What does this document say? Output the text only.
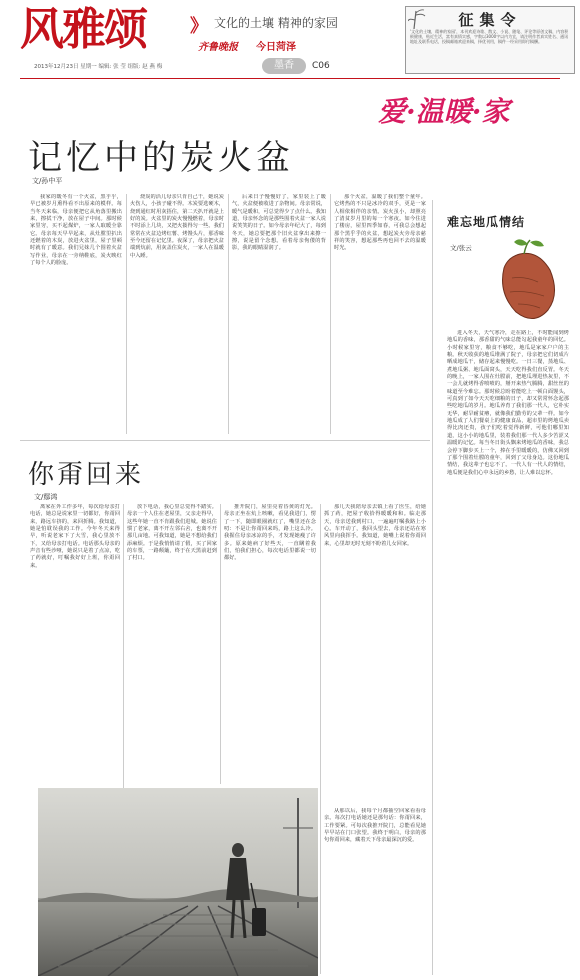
风雅颂 》 文化的土壤 精神的家园
齐鲁晚报 今日菏泽
2013年12月23日 星期一 编辑: 张 莹 组版: 赵 燕 梅	墨香	C06
征集令
'文化的土壤，精神的家园'，本刊欢迎诗歌、散文、小说、随笔、评论等原创文稿，内容积极健康，贴近生活，富有真情实感，字数以3000字以内为宜，请注明作者真实姓名、通讯地址及联系电话，投稿邮箱欢迎来稿，择优刊用，稿件一经采用即付稿酬。
爱·温暖·家
记忆中的炭火盆
文/孙中平
我家的暖冬有一个火盆，黑乎乎，早已被岁月熏得看不出原来的模样。每当冬天来临，母亲便把它从角落里搬出来，擦拭干净，放在屋子中间。那时候家里穷，买不起煤炉，一家人取暖全靠它。母亲每天早早起来，从灶膛里扒出还燃着的木炭，放进火盆里，屋子里顿时就有了暖意。我们兄妹几个围着火盆写作业，母亲在一旁纳鞋底，炭火映红了每个人的脸庞。
烧炭的活儿母亲只肯自己干，她说炭火伤人，小孩子碰不得。木炭要选硬木，烧到通红时用灰捂住，第二天扒开就是上好的炭。火盆里的炭火慢慢燃着，母亲时不时添上几块，又把火拨得匀一些。我们常常在火盆边烤红薯、烤馒头片，那香味至今还留在记忆里。夜深了，母亲把火盆端到炕前，用灰盖住炭火，一家人在温暖中入睡。
后来日子慢慢好了，家里装上了暖气，火盆便被收进了杂物间。母亲常说，暖气是暖和，可总觉得少了点什么。我知道，母亲怀念的是那些围着火盆一家人说说笑笑的日子。如今母亲年纪大了，每到冬天，她总要把那个旧火盆拿出来擦一擦，说是留个念想。看着母亲佝偻的背影，我的眼睛湿润了。
那个火盆，温暖了我们整个童年。它烤热的不只是冰冷的双手，更是一家人相依相伴的亲情。炭火虽小，却照亮了清贫岁月里的每一个寒夜。如今住进了楼房，屋里四季如春，可我总会想起那个黑乎乎的火盆，想起炭火旁母亲慈祥的笑容，想起那些再也回不去的温暖时光。
你甭回来
文/鄢鸿
离家在外工作多年，每次给母亲打电话，她总是说家里一切都好，你甭回来，路远车挤的，来回折腾。我知道，她是怕耽误我的工作。今年冬天来得早，听说老家下了大雪，我心里放不下，又给母亲打电话。电话那头母亲的声音有些沙哑，她说只是着了点凉，吃了药就好，叮嘱我好好上班，你甭回来。
放下电话，我心里总觉得不踏实。母亲一个人住在老屋里，父亲走得早，这些年她一直不肯跟我们进城。她说住惯了老家，离不开左邻右舍，也离不开那几亩地。可我知道，她是不想给我们添麻烦。于是我悄悄请了假，买了回家的车票，一路颠簸，终于在天黑前赶到了村口。
推开院门，屋里亮着昏黄的灯光。母亲正坐在炕上咳嗽，看见我进门，愣了一下，随即眼圈就红了，嘴里还在念叨：不是让你甭回来吗，路上这么冷。我握住母亲冰凉的手，才发现她瘦了许多。原来她病了好些天，一直瞒着我们，怕我们担心，每次电话里都说一切都好。
那几天我陪母亲去镇上看了医生，给她抓了药，把屋子收拾得暖暖和和。临走那天，母亲送我到村口，一遍遍叮嘱我路上小心。车开动了，我回头望去，母亲还站在寒风里向我挥手。我知道，她嘴上说着你甭回来，心里却无时无刻不盼着儿女回家。
从那以后，我每个月都抽空回家看看母亲。每次打电话她还是那句话：你甭回来，工作要紧。可每次我推开院门，总能看见她早早站在门口张望。我终于明白，母亲的那句你甭回来，藏着天下母亲最深沉的爱。
难忘地瓜情结
文/张云
进入冬天，天气寒冷，走在路上，不时能闻到烤地瓜的香味，那香甜的气味总能勾起我童年的回忆。小时候家里穷，粮食不够吃，地瓜是家家户户的主粮。秋天收获的地瓜堆满了院子，母亲把它们切成片晒成地瓜干，储存起来慢慢吃。一日三餐，蒸地瓜、煮地瓜粥、地瓜面窝头，天天吃得我们直反胃。冬天的晚上，一家人围在灶膛前，把地瓜埋进热灰里，不一会儿就烤得香喷喷的，掰开来热气腾腾，甜丝丝的味道至今难忘。那时候总盼着能吃上一顿白面馒头，可真到了如今天天吃细粮的日子，却又常常怀念起那些吃地瓜的岁月。地瓜养育了我们那一代人，它朴实无华，耐旱耐贫瘠，就像我们勤劳的父辈一样。如今地瓜成了人们餐桌上的健康食品，超市里的烤地瓜卖得比肉还贵，孩子们吃着觉得新鲜，可他们哪里知道，这小小的地瓜里，装着我们那一代人多少苦涩又温暖的记忆。每当冬日街头飘来烤地瓜的香味，我总会停下脚步买上一个，捧在手里暖暖的，仿佛又回到了那个围着灶膛的童年，回到了父母身边。这份地瓜情结，我这辈子也忘不了。一代人有一代人的情结，地瓜便是我们心中永远的乡愁，让人难以忘怀。
